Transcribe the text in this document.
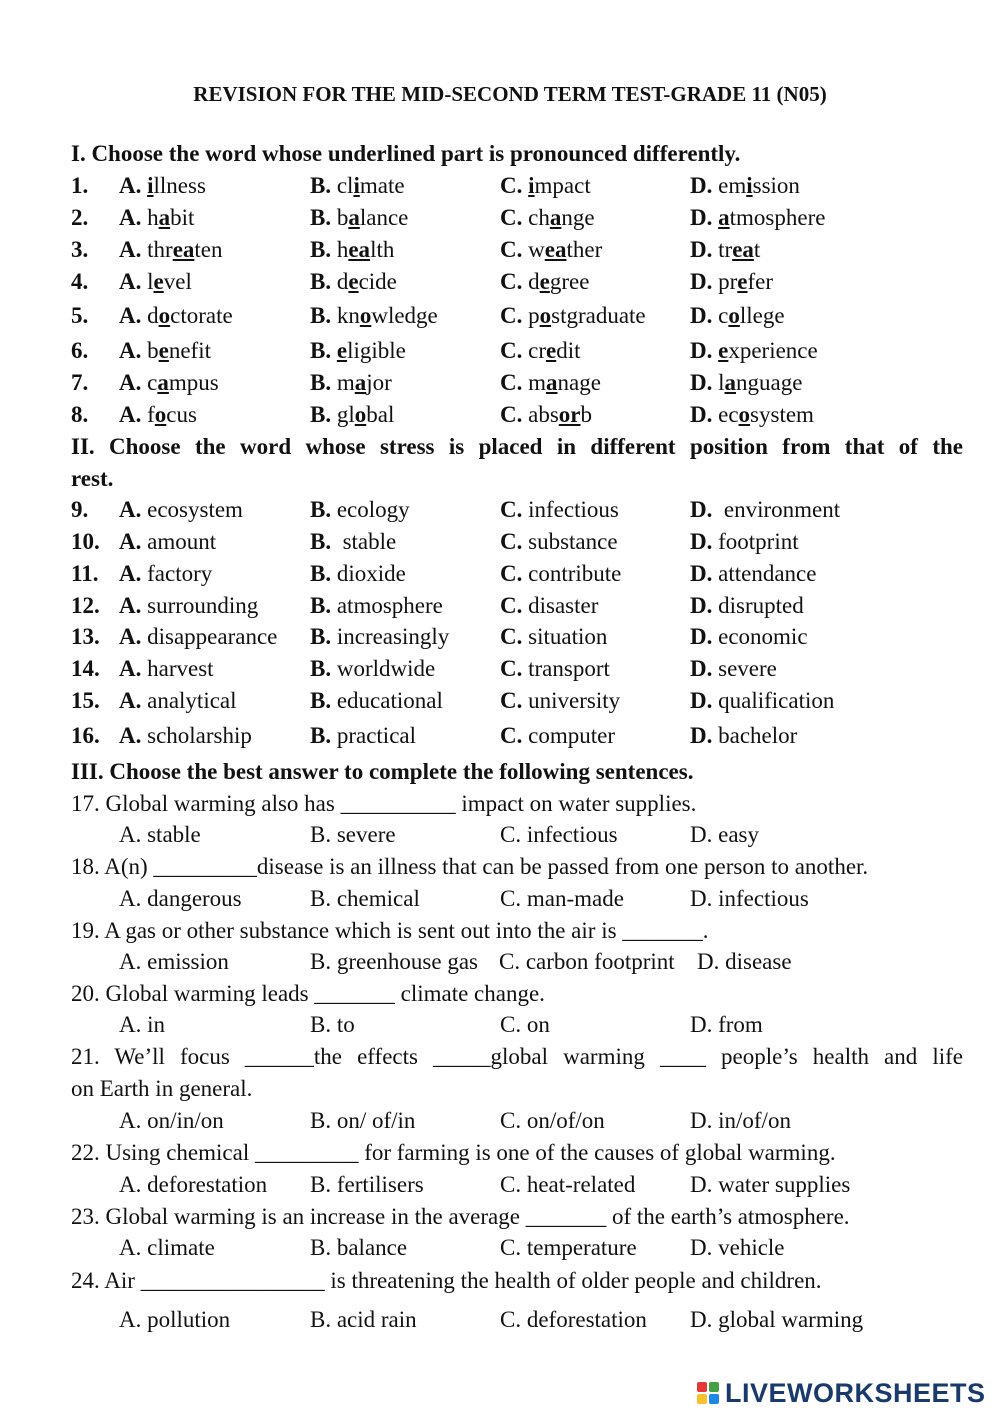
REVISION FOR THE MID-SECOND TERM TEST-GRADE 11 (N05)
I. Choose the word whose underlined part is pronounced differently.
1. A. illness	B. climate	C. impact	D. emission
2. A. habit	B. balance	C. change	D. atmosphere
3. A. threaten	B. health	C. weather	D. treat
4. A. level	B. decide	C. degree	D. prefer
5. A. doctorate	B. knowledge	C. postgraduate D. college
6. A. benefit	B. eligible	C. credit	D. experience
7. A. campus	B. major	C. manage	D. language
8. A. focus	B. global	C. absorb	D. ecosystem
II. Choose the word whose stress is placed in different position from that of the
rest.
9. A. ecosystem	B. ecology	C. infectious	D.  environment
10. A. amount	B.  stable	C. substance	D. footprint
11. A. factory	B. dioxide	C. contribute	D. attendance
12. A. surrounding B. atmosphere C. disaster	D. disrupted
13. A. disappearance B. increasingly C. situation	D. economic
14. A. harvest	B. worldwide	C. transport	D. severe
15. A. analytical	B. educational C. university	D. qualification
16. A. scholarship	B. practical	C. computer	D. bachelor
III. Choose the best answer to complete the following sentences.
17. Global warming also has __________ impact on water supplies.
A. stable	B. severe	C. infectious	D. easy
18. A(n) _________disease is an illness that can be passed from one person to another.
A. dangerous	B. chemical	C. man-made	D. infectious
19. A gas or other substance which is sent out into the air is _______.
A. emission	B. greenhouse gas C. carbon footprint D. disease
20. Global warming leads _______ climate change.
A. in	B. to	C. on	D. from
21. We’ll focus ______the effects _____global warming ____ people’s health and life
on Earth in general.
A. on/in/on	B. on/ of/in	C. on/of/on	D. in/of/on
22. Using chemical _________ for farming is one of the causes of global warming.
A. deforestation B. fertilisers	C. heat-related D. water supplies
23. Global warming is an increase in the average _______ of the earth’s atmosphere.
A. climate	B. balance	C. temperature D. vehicle
24. Air ________________ is threatening the health of older people and children.
A. pollution	B. acid rain	C. deforestation D. global warming
LIVEWORKSHEETS
